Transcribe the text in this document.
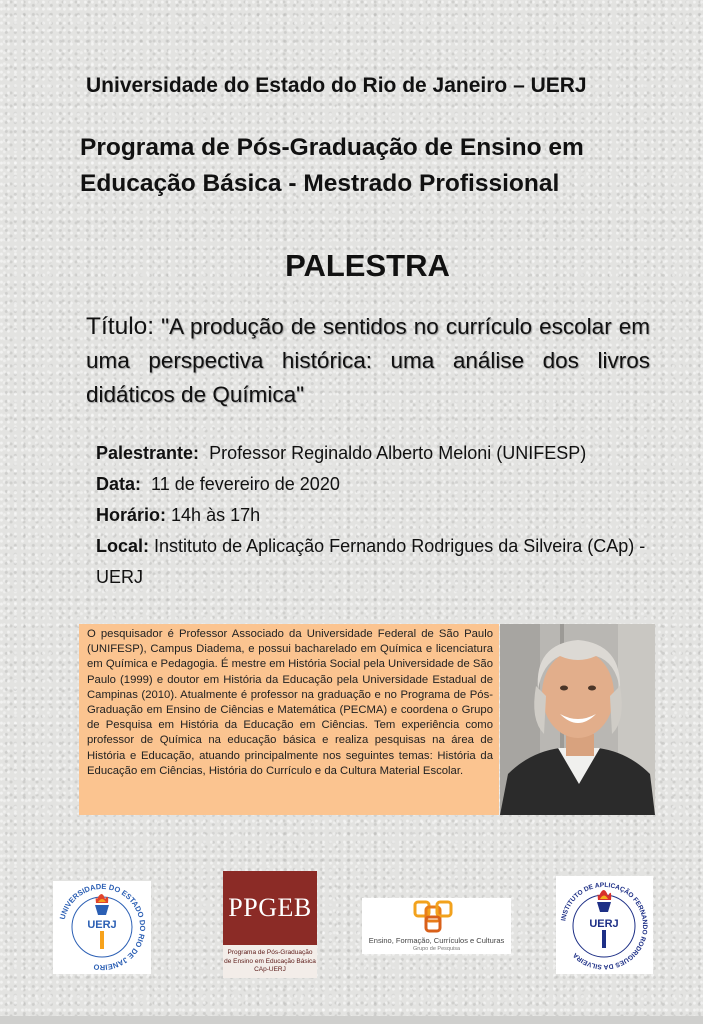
Universidade do Estado do Rio de Janeiro – UERJ
Programa de Pós-Graduação de Ensino em
Educação Básica - Mestrado Profissional
PALESTRA
Título: "A produção de sentidos no currículo escolar em uma perspectiva histórica: uma análise dos livros didáticos de Química"

Palestrante: Professor Reginaldo Alberto Meloni (UNIFESP)

Data: 11 de fevereiro de 2020

Horário: 14h às 17h

Local: Instituto de Aplicação Fernando Rodrigues da Silveira (CAp) -UERJ

O pesquisador é Professor Associado da Universidade Federal de São Paulo (UNIFESP), Campus Diadema, e possui bacharelado em Química e licenciatura em Química e Pedagogia. É mestre em História Social pela Universidade de São Paulo (1999) e doutor em História da Educação pela Universidade Estadual de Campinas (2010). Atualmente é professor na graduação e no Programa de Pós-Graduação em Ensino de Ciências e Matemática (PECMA) e coordena o Grupo de Pesquisa em História da Educação em Ciências. Tem experiência como professor de Química na educação básica e realiza pesquisas na área de História e Educação, atuando principalmente nos seguintes temas: História da Educação em Ciências, História do Currículo e da Cultura Material Escolar.
UNIVERSIDADE DO ESTADO DO RIO DE JANEIRO
UERJ
PPGEB
Programa de Pós-Graduação
de Ensino em Educação Básica
CAp-UERJ
Ensino, Formação, Currículos e Culturas
Grupo de Pesquisa
INSTITUTO DE APLICAÇÃO FERNANDO RODRIGUES DA SILVEIRA
UERJ
